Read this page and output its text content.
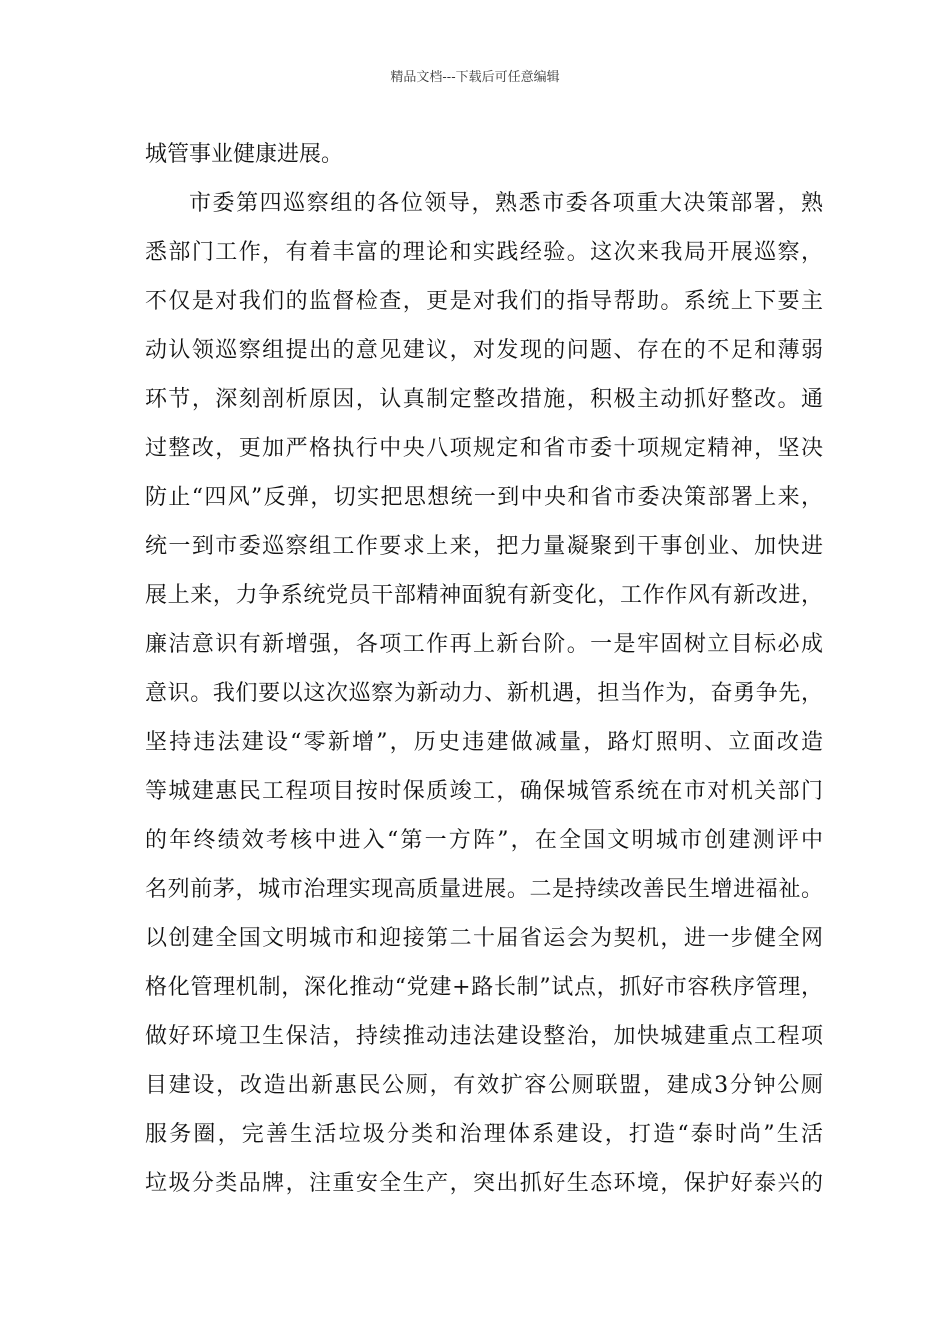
精品文档---下载后可任意编辑
城管事业健康进展。
市委第四巡察组的各位领导，熟悉市委各项重大决策部署，熟
悉部门工作，有着丰富的理论和实践经验。这次来我局开展巡察，
不仅是对我们的监督检查，更是对我们的指导帮助。系统上下要主
动认领巡察组提出的意见建议，对发现的问题、存在的不足和薄弱
环节，深刻剖析原因，认真制定整改措施，积极主动抓好整改。通
过整改，更加严格执行中央八项规定和省市委十项规定精神，坚决
防止“四风”反弹，切实把思想统一到中央和省市委决策部署上来，
统一到市委巡察组工作要求上来，把力量凝聚到干事创业、加快进
展上来，力争系统党员干部精神面貌有新变化，工作作风有新改进，
廉洁意识有新增强，各项工作再上新台阶。一是牢固树立目标必成
意识。我们要以这次巡察为新动力、新机遇，担当作为，奋勇争先，
坚持违法建设“零新增”，历史违建做减量，路灯照明、立面改造
等城建惠民工程项目按时保质竣工，确保城管系统在市对机关部门
的年终绩效考核中进入“第一方阵”，在全国文明城市创建测评中
名列前茅，城市治理实现高质量进展。二是持续改善民生增进福祉。
以创建全国文明城市和迎接第二十届省运会为契机，进一步健全网
格化管理机制，深化推动“党建+路长制”试点，抓好市容秩序管理，
做好环境卫生保洁，持续推动违法建设整治，加快城建重点工程项
目建设，改造出新惠民公厕，有效扩容公厕联盟，建成3分钟公厕
服务圈，完善生活垃圾分类和治理体系建设，打造“泰时尚”生活
垃圾分类品牌，注重安全生产，突出抓好生态环境，保护好泰兴的
